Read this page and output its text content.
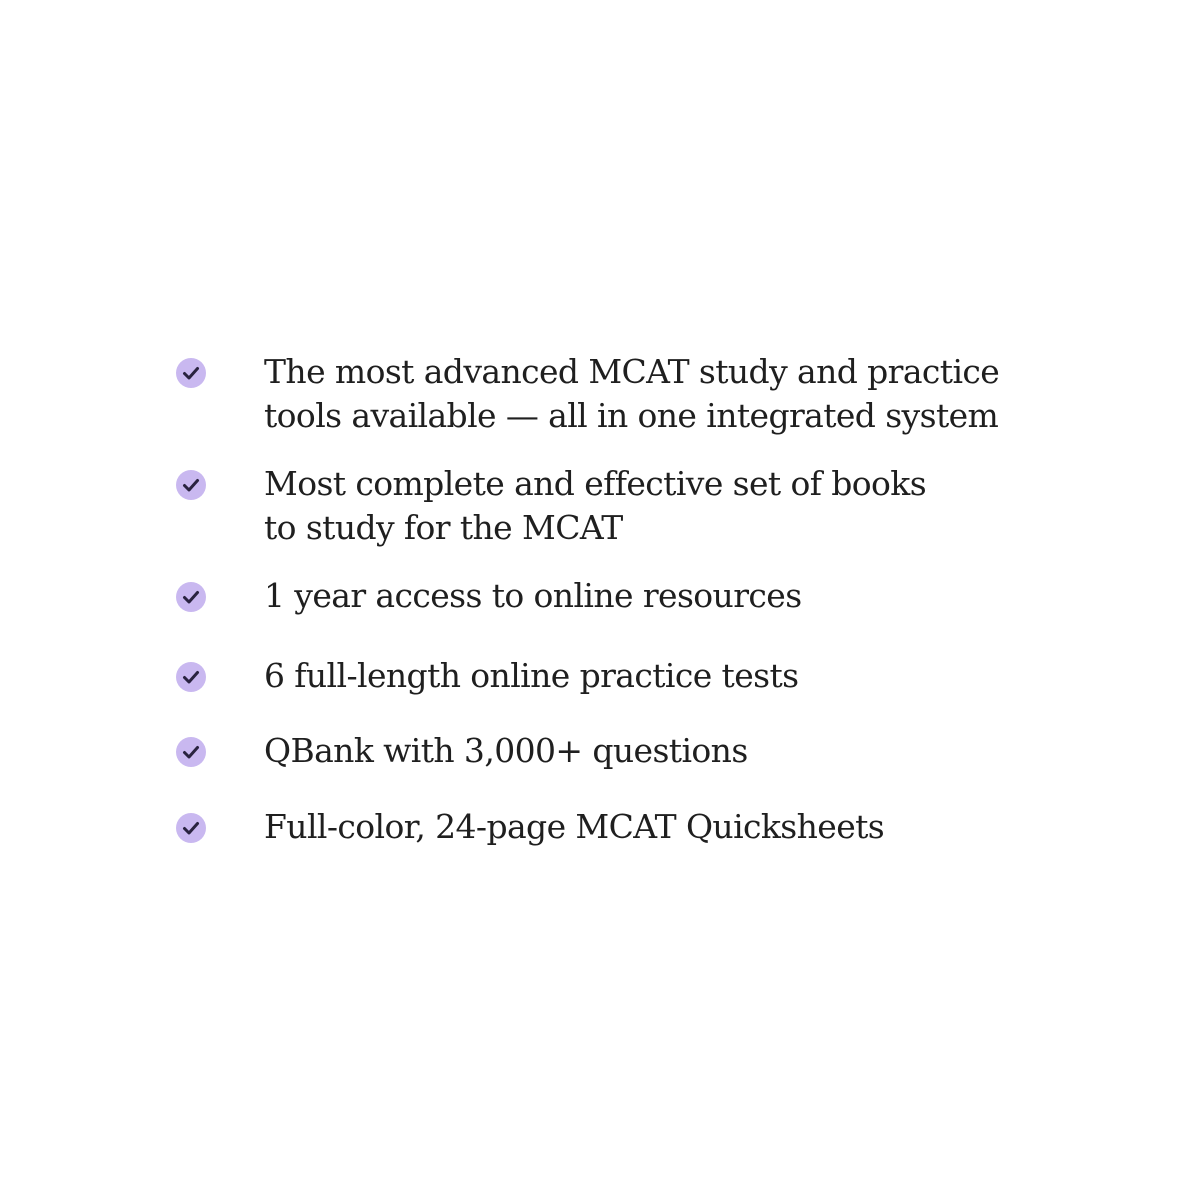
The most advanced MCAT study and practice
tools available — all in one integrated system
Most complete and effective set of books
to study for the MCAT
1 year access to online resources
6 full-length online practice tests
QBank with 3,000+ questions
Full-color, 24-page MCAT Quicksheets
